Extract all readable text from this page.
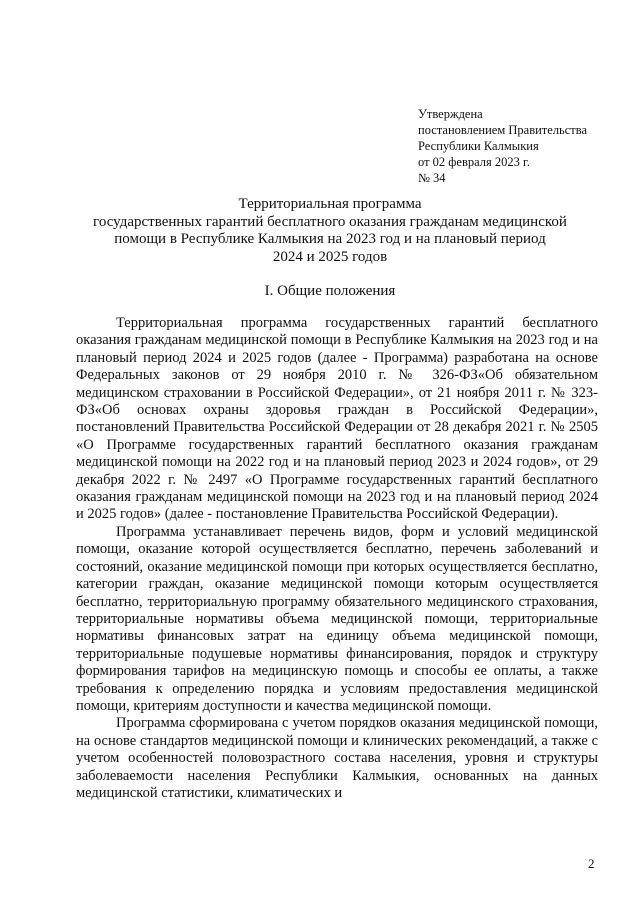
Утверждена
постановлением Правительства
Республики Калмыкия
от 02 февраля 2023 г.
№ 34
Территориальная программа
государственных гарантий бесплатного оказания гражданам медицинской
помощи в Республике Калмыкия на 2023 год и на плановый период
2024 и 2025 годов
I. Общие положения

Территориальная программа государственных гарантий бесплатного оказания гражданам медицинской помощи в Республике Калмыкия на 2023 год и на плановый период 2024 и 2025 годов (далее - Программа) разработана на основе Федеральных законов от 29 ноября 2010 г. № 326-ФЗ«Об обязательном медицинском страховании в Российской Федерации», от 21 ноября 2011 г. № 323-ФЗ«Об основах охраны здоровья граждан в Российской Федерации», постановлений Правительства Российской Федерации от 28 декабря 2021 г. № 2505 «О Программе государственных гарантий бесплатного оказания гражданам медицинской помощи на 2022 год и на плановый период 2023 и 2024 годов», от 29 декабря 2022 г. № 2497 «О Программе государственных гарантий бесплатного оказания гражданам медицинской помощи на 2023 год и на плановый период 2024 и 2025 годов» (далее - постановление Правительства Российской Федерации).

Программа устанавливает перечень видов, форм и условий медицинской помощи, оказание которой осуществляется бесплатно, перечень заболеваний и состояний, оказание медицинской помощи при которых осуществляется бесплатно, категории граждан, оказание медицинской помощи которым осуществляется бесплатно, территориальную программу обязательного медицинского страхования, территориальные нормативы объема медицинской помощи, территориальные нормативы финансовых затрат на единицу объема медицинской помощи, территориальные подушевые нормативы финансирования, порядок и структуру формирования тарифов на медицинскую помощь и способы ее оплаты, а также требования к определению порядка и условиям предоставления медицинской помощи, критериям доступности и качества медицинской помощи.

Программа сформирована с учетом порядков оказания медицинской помощи, на основе стандартов медицинской помощи и клинических рекомендаций, а также с учетом особенностей половозрастного состава населения, уровня и структуры заболеваемости населения Республики Калмыкия, основанных на данных медицинской статистики, климатических и

2
